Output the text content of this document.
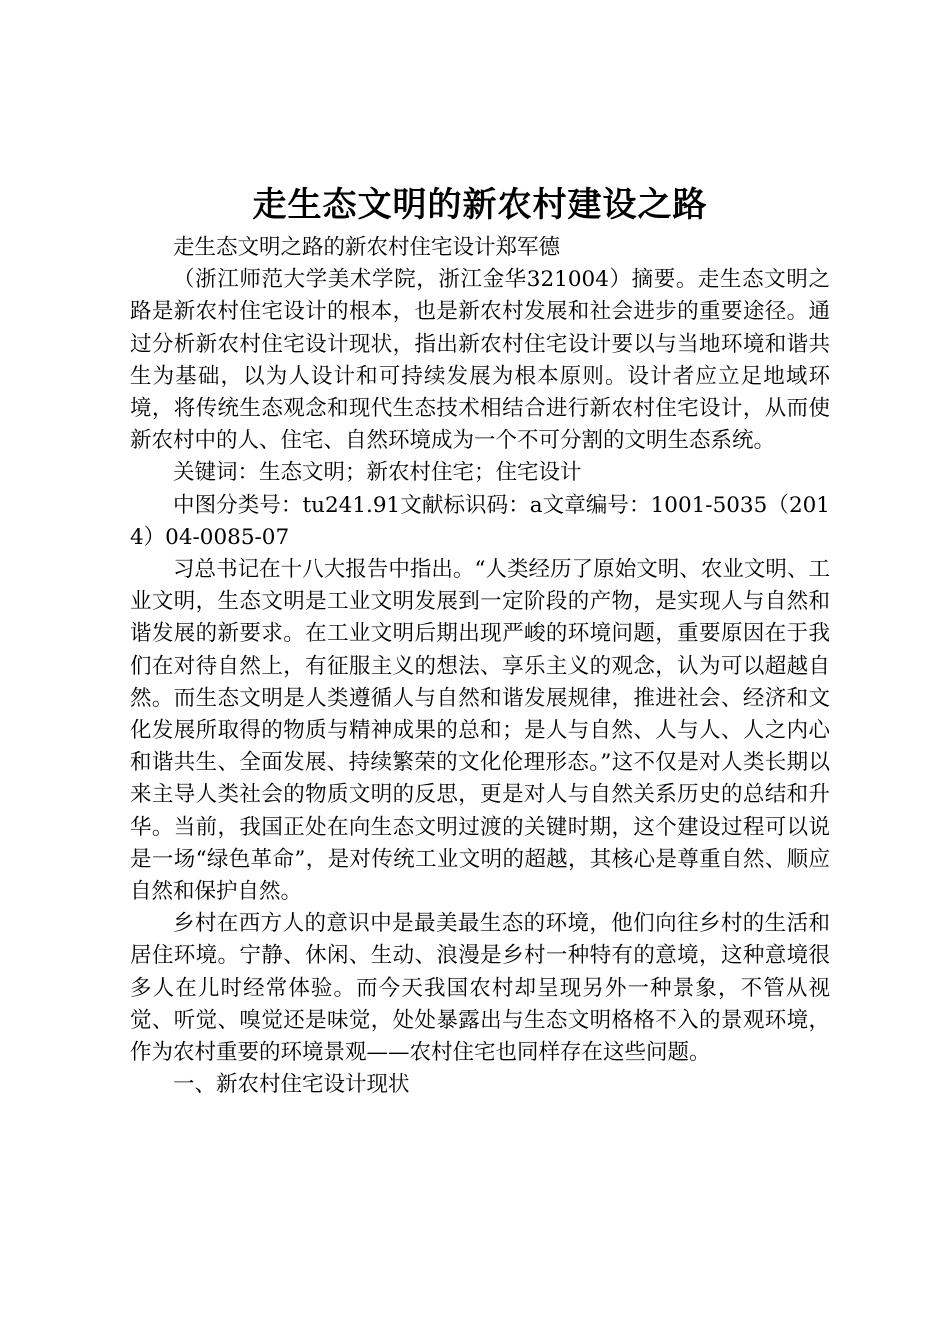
走生态文明的新农村建设之路

走生态文明之路的新农村住宅设计郑军德

（浙江师范大学美术学院，浙江金华321004）摘要。走生态文明之路是新农村住宅设计的根本，也是新农村发展和社会进步的重要途径。通过分析新农村住宅设计现状，指出新农村住宅设计要以与当地环境和谐共生为基础，以为人设计和可持续发展为根本原则。设计者应立足地域环境，将传统生态观念和现代生态技术相结合进行新农村住宅设计，从而使新农村中的人、住宅、自然环境成为一个不可分割的文明生态系统。

关键词：生态文明；新农村住宅；住宅设计

中图分类号：tu241.91文献标识码：a文章编号：1001-5035（2014）04-0085-07

习总书记在十八大报告中指出。“人类经历了原始文明、农业文明、工业文明，生态文明是工业文明发展到一定阶段的产物，是实现人与自然和谐发展的新要求。在工业文明后期出现严峻的环境问题，重要原因在于我们在对待自然上，有征服主义的想法、享乐主义的观念，认为可以超越自然。而生态文明是人类遵循人与自然和谐发展规律，推进社会、经济和文化发展所取得的物质与精神成果的总和；是人与自然、人与人、人之内心和谐共生、全面发展、持续繁荣的文化伦理形态。”这不仅是对人类长期以来主导人类社会的物质文明的反思，更是对人与自然关系历史的总结和升华。当前，我国正处在向生态文明过渡的关键时期，这个建设过程可以说是一场“绿色革命”，是对传统工业文明的超越，其核心是尊重自然、顺应自然和保护自然。

乡村在西方人的意识中是最美最生态的环境，他们向往乡村的生活和居住环境。宁静、休闲、生动、浪漫是乡村一种特有的意境，这种意境很多人在儿时经常体验。而今天我国农村却呈现另外一种景象，不管从视觉、听觉、嗅觉还是味觉，处处暴露出与生态文明格格不入的景观环境，作为农村重要的环境景观——农村住宅也同样存在这些问题。

一、新农村住宅设计现状
